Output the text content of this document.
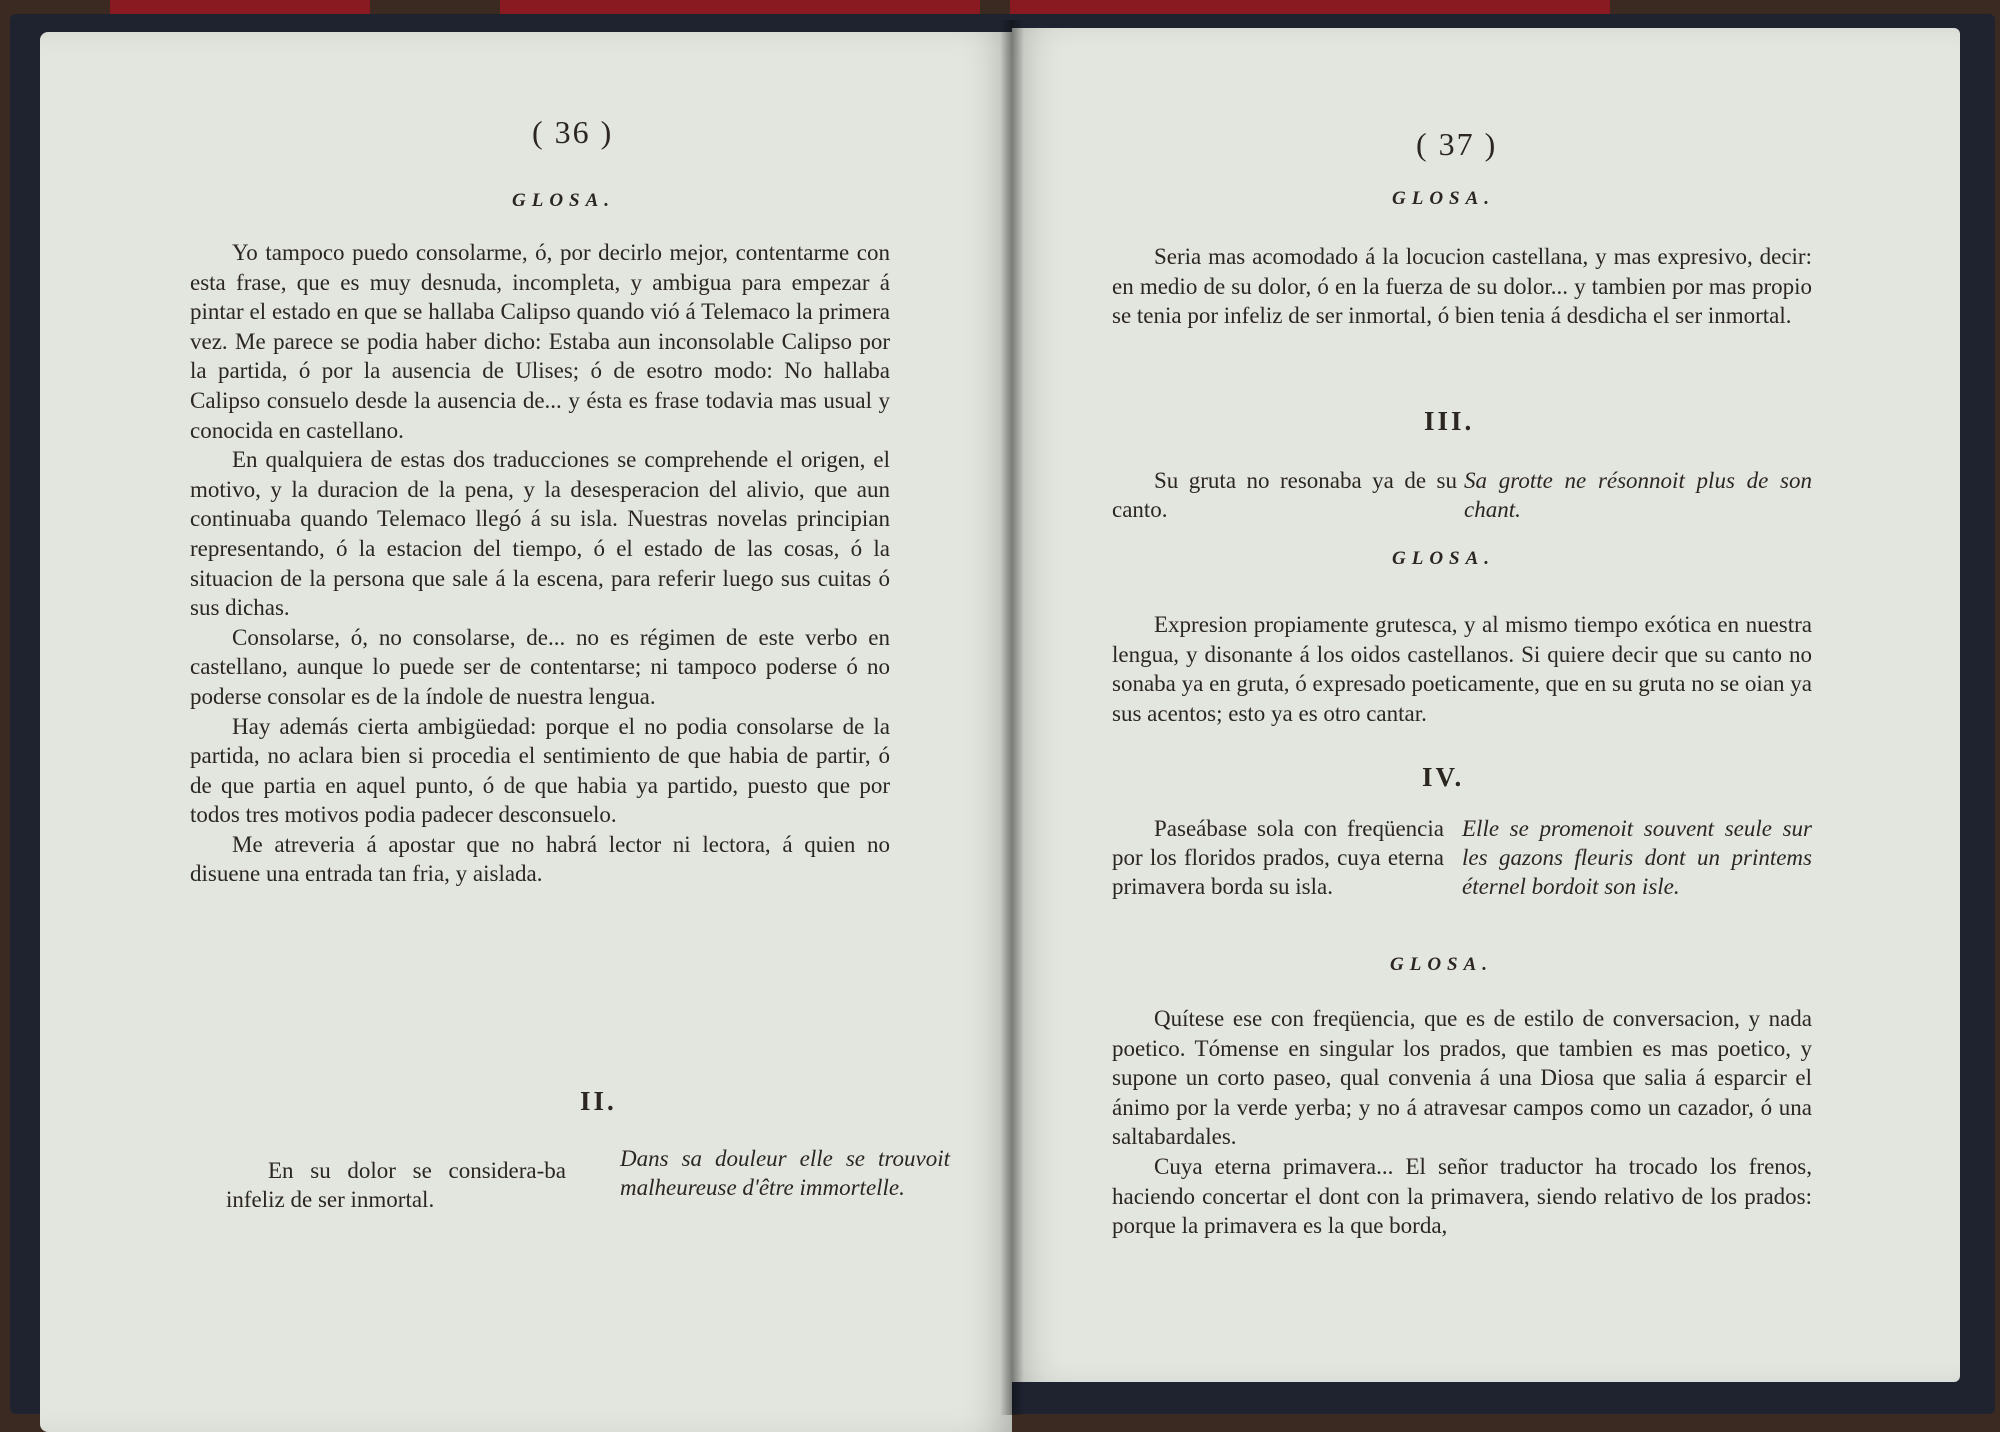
( 36 )
GLOSA.

Yo tampoco puedo consolarme, ó, por decirlo mejor, contentarme con esta frase, que es muy desnuda, incompleta, y ambigua para empezar á pintar el estado en que se hallaba Calipso quando vió á Telemaco la primera vez. Me parece se podia haber dicho: Estaba aun inconsolable Calipso por la partida, ó por la ausencia de Ulises; ó de esotro modo: No hallaba Calipso consuelo desde la ausencia de... y ésta es frase todavia mas usual y conocida en castellano.

En qualquiera de estas dos traducciones se comprehende el origen, el motivo, y la duracion de la pena, y la desesperacion del alivio, que aun continuaba quando Telemaco llegó á su isla. Nuestras novelas principian representando, ó la estacion del tiempo, ó el estado de las cosas, ó la situacion de la persona que sale á la escena, para referir luego sus cuitas ó sus dichas.

Consolarse, ó, no consolarse, de... no es régimen de este verbo en castellano, aunque lo puede ser de contentarse; ni tampoco poderse ó no poderse consolar es de la índole de nuestra lengua.

Hay además cierta ambigüedad: porque el no podia consolarse de la partida, no aclara bien si procedia el sentimiento de que habia de partir, ó de que partia en aquel punto, ó de que habia ya partido, puesto que por todos tres motivos podia padecer desconsuelo.

Me atreveria á apostar que no habrá lector ni lectora, á quien no disuene una entrada tan fria, y aislada.

II.

En su dolor se considera-ba infeliz de ser inmortal.

Dans sa douleur elle se trouvoit malheureuse d'être immortelle.

( 37 )
GLOSA.

Seria mas acomodado á la locucion castellana, y mas expresivo, decir: en medio de su dolor, ó en la fuerza de su dolor... y tambien por mas propio se tenia por infeliz de ser inmortal, ó bien tenia á desdicha el ser inmortal.

III.

Su gruta no resonaba ya de su canto.

Sa grotte ne résonnoit plus de son chant.

GLOSA.

Expresion propiamente grutesca, y al mismo tiempo exótica en nuestra lengua, y disonante á los oidos castellanos. Si quiere decir que su canto no sonaba ya en gruta, ó expresado poeticamente, que en su gruta no se oian ya sus acentos; esto ya es otro cantar.

IV.

Paseábase sola con freqüencia por los floridos prados, cuya eterna primavera borda su isla.

Elle se promenoit souvent seule sur les gazons fleuris dont un printems éternel bordoit son isle.

GLOSA.

Quítese ese con freqüencia, que es de estilo de conversacion, y nada poetico. Tómense en singular los prados, que tambien es mas poetico, y supone un corto paseo, qual convenia á una Diosa que salia á esparcir el ánimo por la verde yerba; y no á atravesar campos como un cazador, ó una saltabardales.

Cuya eterna primavera... El señor traductor ha trocado los frenos, haciendo concertar el dont con la primavera, siendo relativo de los prados: porque la primavera es la que borda,
